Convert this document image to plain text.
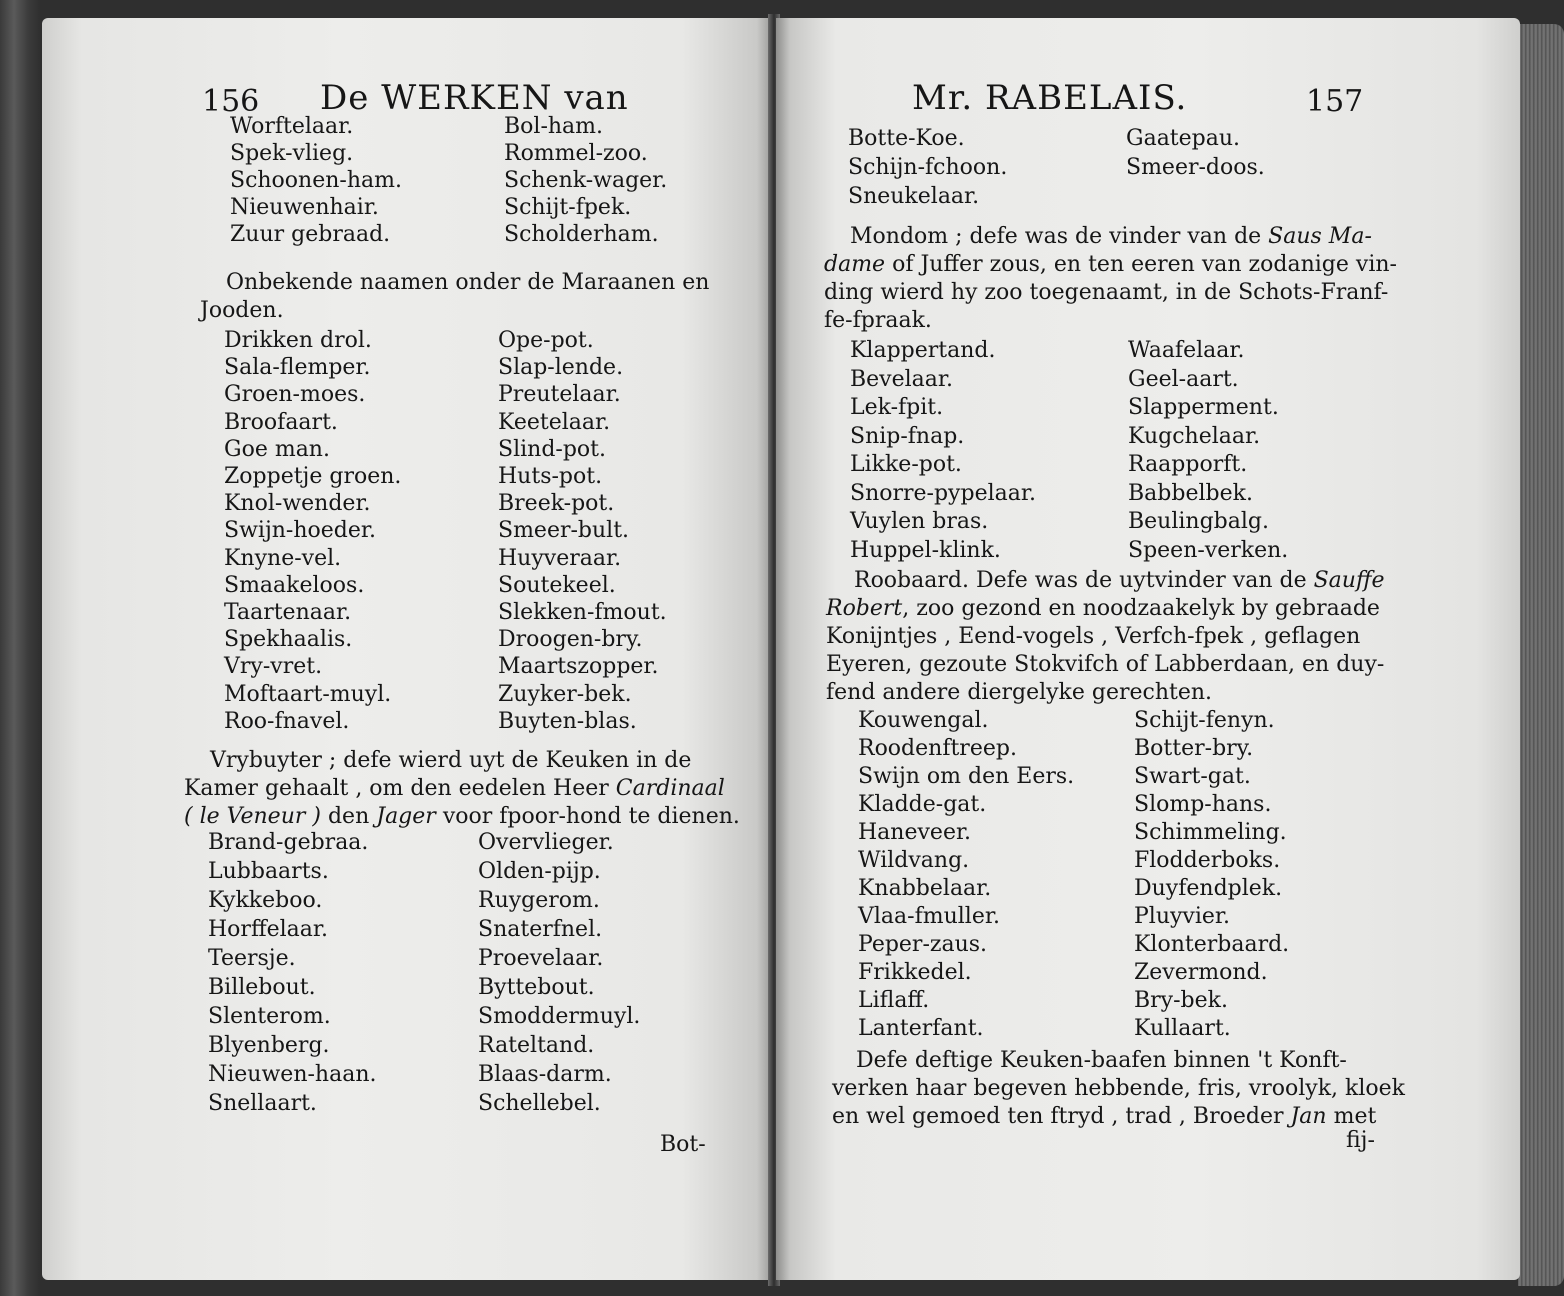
156 De WERKEN van
Worftelaar.
Spek-vlieg.
Schoonen-ham.
Nieuwenhair.
Zuur gebraad.
Bol-ham.
Rommel-zoo.
Schenk-wager.
Schijt-fpek.
Scholderham.
Onbekende naamen onder de Maraanen en
Jooden.
Drikken drol.
Sala-flemper.
Groen-moes.
Broofaart.
Goe man.
Zoppetje groen.
Knol-wender.
Swijn-hoeder.
Knyne-vel.
Smaakeloos.
Taartenaar.
Spekhaalis.
Vry-vret.
Moftaart-muyl.
Roo-fnavel.
Ope-pot.
Slap-lende.
Preutelaar.
Keetelaar.
Slind-pot.
Huts-pot.
Breek-pot.
Smeer-bult.
Huyveraar.
Soutekeel.
Slekken-fmout.
Droogen-bry.
Maartszopper.
Zuyker-bek.
Buyten-blas.
Vrybuyter ; defe wierd uyt de Keuken in de
Kamer gehaalt , om den eedelen Heer Cardinaal
( le Veneur ) den Jager voor fpoor-hond te dienen.
Brand-gebraa.
Lubbaarts.
Kykkeboo.
Horffelaar.
Teersje.
Billebout.
Slenterom.
Blyenberg.
Nieuwen-haan.
Snellaart.
Overvlieger.
Olden-pijp.
Ruygerom.
Snaterfnel.
Proevelaar.
Byttebout.
Smoddermuyl.
Rateltand.
Blaas-darm.
Schellebel.
Bot-
Mr. RABELAIS.	157
Botte-Koe.
Schijn-fchoon.
Sneukelaar.
Gaatepau.
Smeer-doos.
Mondom ; defe was de vinder van de Saus Ma-
dame of Juffer zous, en ten eeren van zodanige vin-
ding wierd hy zoo toegenaamt, in de Schots-Franf-
fe-fpraak.
Klappertand.
Bevelaar.
Lek-fpit.
Snip-fnap.
Likke-pot.
Snorre-pypelaar.
Vuylen bras.
Huppel-klink.
Waafelaar.
Geel-aart.
Slapperment.
Kugchelaar.
Raapporft.
Babbelbek.
Beulingbalg.
Speen-verken.
Roobaard. Defe was de uytvinder van de Sauffe
Robert, zoo gezond en noodzaakelyk by gebraade
Konijntjes , Eend-vogels , Verfch-fpek , geflagen
Eyeren, gezoute Stokvifch of Labberdaan, en duy-
fend andere diergelyke gerechten.
Kouwengal.
Roodenftreep.
Swijn om den Eers.
Kladde-gat.
Haneveer.
Wildvang.
Knabbelaar.
Vlaa-fmuller.
Peper-zaus.
Frikkedel.
Liflaff.
Lanterfant.
Schijt-fenyn.
Botter-bry.
Swart-gat.
Slomp-hans.
Schimmeling.
Flodderboks.
Duyfendplek.
Pluyvier.
Klonterbaard.
Zevermond.
Bry-bek.
Kullaart.
Defe deftige Keuken-baafen binnen 't Konft-
verken haar begeven hebbende, fris, vroolyk, kloek
en wel gemoed ten ftryd , trad , Broeder Jan met
fij-
